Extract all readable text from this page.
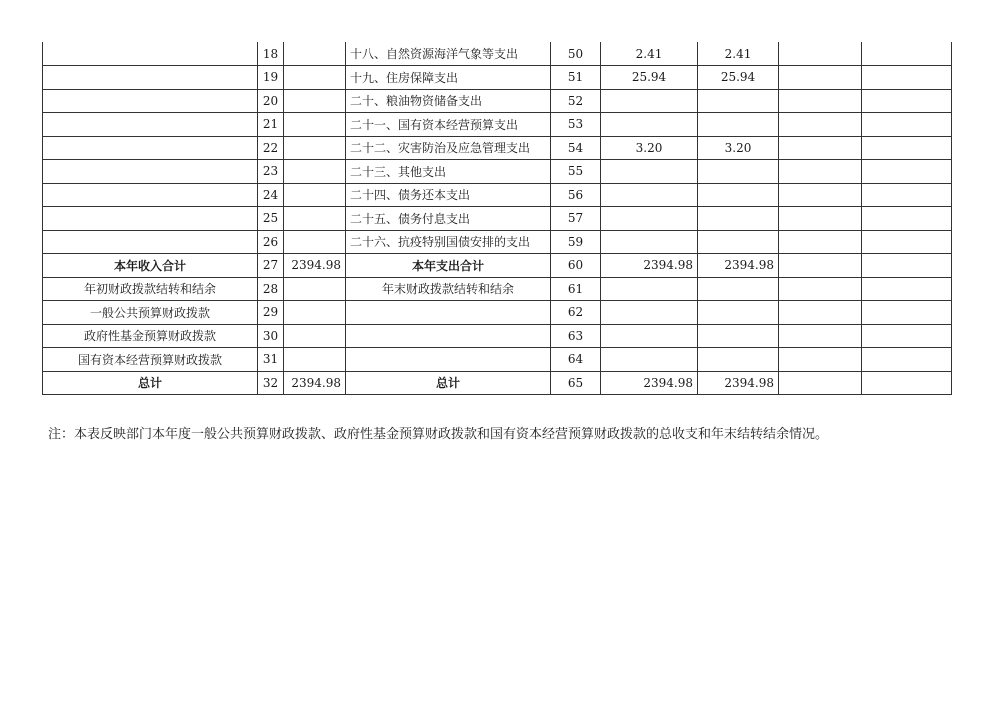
	18		十八、自然资源海洋气象等支出	50	2.41	2.41		
	19		十九、住房保障支出	51	25.94	25.94		
	20		二十、粮油物资储备支出	52				
	21		二十一、国有资本经营预算支出	53				
	22		二十二、灾害防治及应急管理支出	54	3.20	3.20		
	23		二十三、其他支出	55				
	24		二十四、债务还本支出	56				
	25		二十五、债务付息支出	57				
	26		二十六、抗疫特别国债安排的支出	59				
本年收入合计	27	2394.98	本年支出合计	60	2394.98	2394.98		
年初财政拨款结转和结余	28		年末财政拨款结转和结余	61				
一般公共预算财政拨款	29			62				
政府性基金预算财政拨款	30			63				
国有资本经营预算财政拨款	31			64				
总计	32	2394.98	总计	65	2394.98	2394.98		
注：本表反映部门本年度一般公共预算财政拨款、政府性基金预算财政拨款和国有资本经营预算财政拨款的总收支和年末结转结余情况。
